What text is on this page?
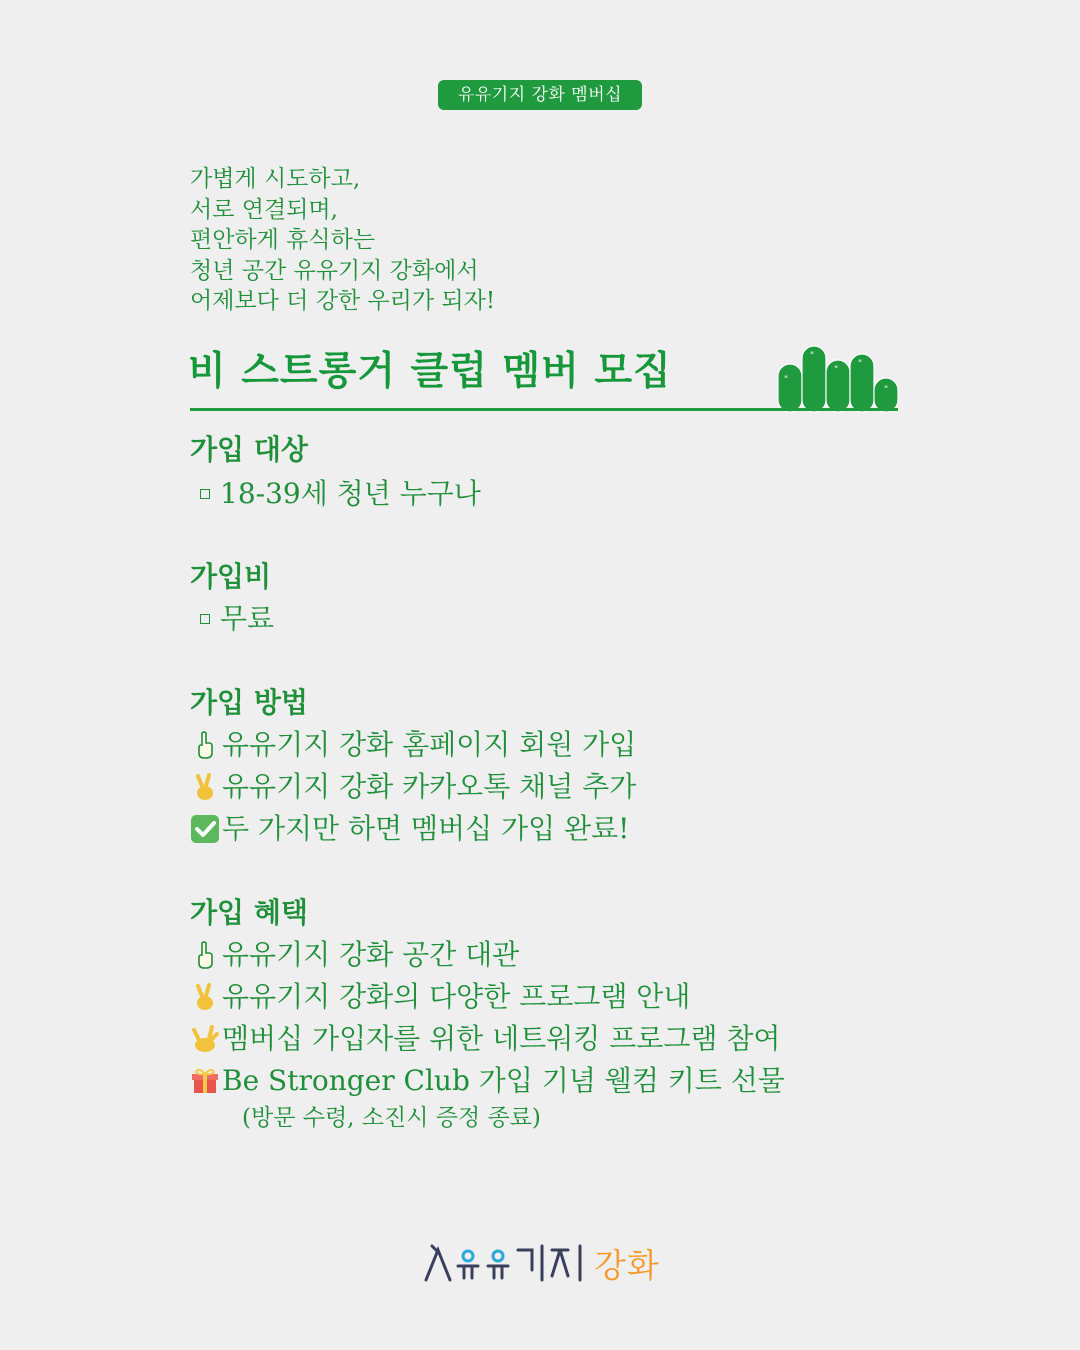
유유기지 강화 멤버십
가볍게 시도하고,
서로 연결되며,
편안하게 휴식하는
청년 공간 유유기지 강화에서
어제보다 더 강한 우리가 되자!
비 스트롱거 클럽 멤버 모집	"
"
"
"
"
가입 대상
18-39세 청년 누구나
가입비
무료
가입 방법
유유기지 강화 홈페이지 회원 가입
유유기지 강화 카카오톡 채널 추가
두 가지만 하면 멤버십 가입 완료!
가입 혜택
유유기지 강화 공간 대관
유유기지 강화의 다양한 프로그램 안내
멤버십 가입자를 위한 네트워킹 프로그램 참여
Be Stronger Club 가입 기념 웰컴 키트 선물
(방문 수령, 소진시 증정 종료)
강화
